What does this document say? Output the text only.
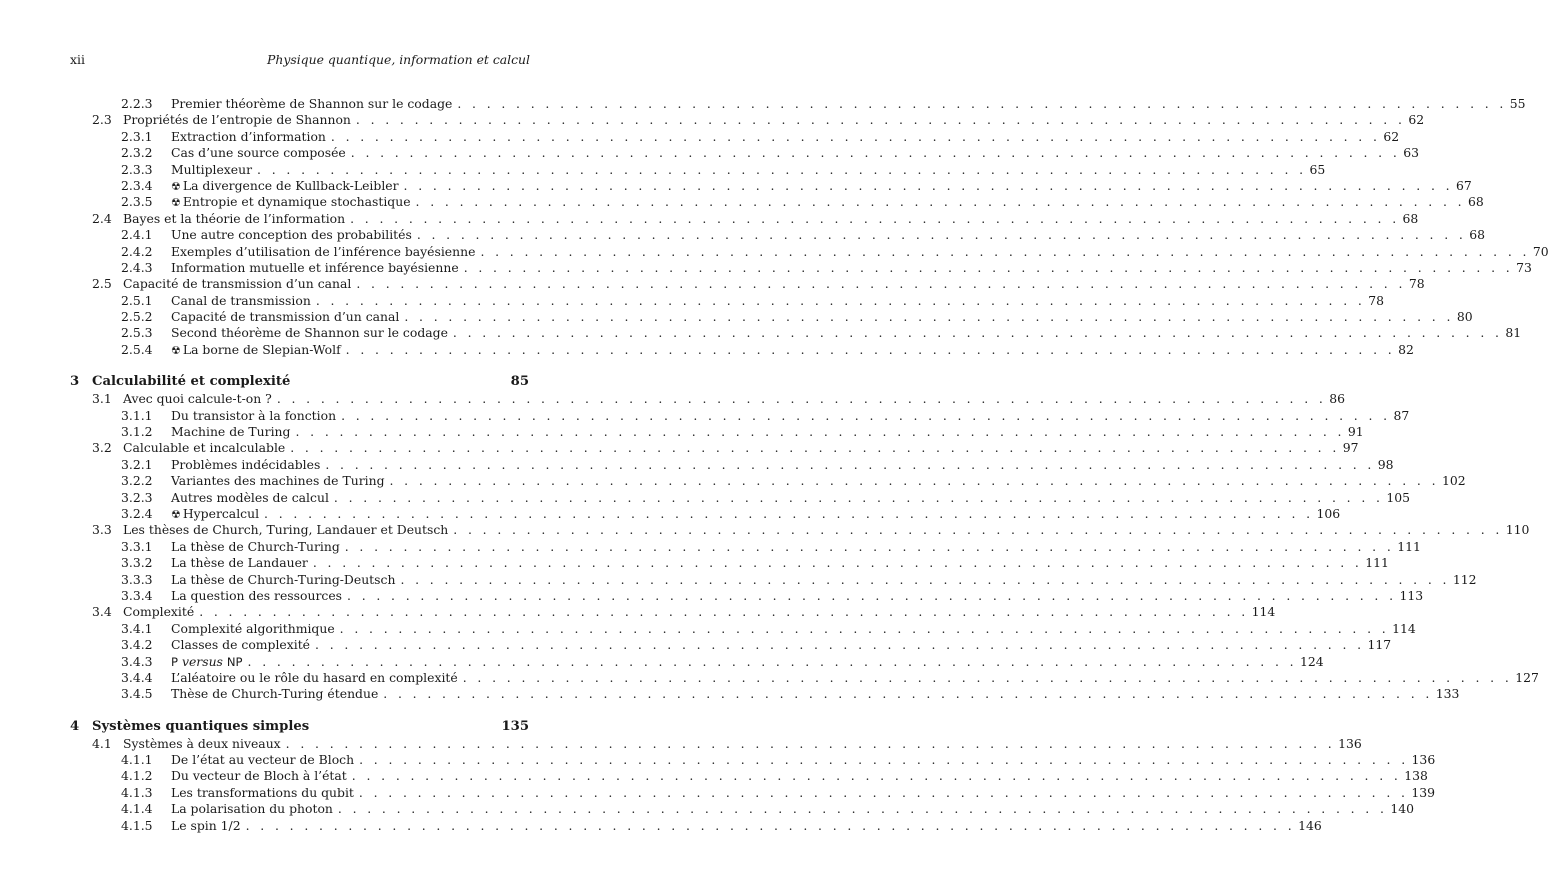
xii	Physique quantique, information et calcul
2.2.3 Premier théorème de Shannon sur le codage . . . . . . . . . . . . . . . . . . . . . . . . . . . . . . . . . . . . . . . . . . . . . . . . . . . . . . . . . . . . . . . . . . . . . . . . 55
2.3 Propriétés de l’entropie de Shannon . . . . . . . . . . . . . . . . . . . . . . . . . . . . . . . . . . . . . . . . . . . . . . . . . . . . . . . . . . . . . . . . . . . . . . . . 62
2.3.1 Extraction d’information . . . . . . . . . . . . . . . . . . . . . . . . . . . . . . . . . . . . . . . . . . . . . . . . . . . . . . . . . . . . . . . . . . . . . . . . 62
2.3.2 Cas d’une source composée . . . . . . . . . . . . . . . . . . . . . . . . . . . . . . . . . . . . . . . . . . . . . . . . . . . . . . . . . . . . . . . . . . . . . . . . 63
2.3.3 Multiplexeur . . . . . . . . . . . . . . . . . . . . . . . . . . . . . . . . . . . . . . . . . . . . . . . . . . . . . . . . . . . . . . . . . . . . . . . . 65
2.3.4 ☢ La divergence de Kullback-Leibler . . . . . . . . . . . . . . . . . . . . . . . . . . . . . . . . . . . . . . . . . . . . . . . . . . . . . . . . . . . . . . . . . . . . . . . . 67
2.3.5 ☢ Entropie et dynamique stochastique . . . . . . . . . . . . . . . . . . . . . . . . . . . . . . . . . . . . . . . . . . . . . . . . . . . . . . . . . . . . . . . . . . . . . . . . 68
2.4 Bayes et la théorie de l’information . . . . . . . . . . . . . . . . . . . . . . . . . . . . . . . . . . . . . . . . . . . . . . . . . . . . . . . . . . . . . . . . . . . . . . . . 68
2.4.1 Une autre conception des probabilités . . . . . . . . . . . . . . . . . . . . . . . . . . . . . . . . . . . . . . . . . . . . . . . . . . . . . . . . . . . . . . . . . . . . . . . . 68
2.4.2 Exemples d’utilisation de l’inférence bayésienne . . . . . . . . . . . . . . . . . . . . . . . . . . . . . . . . . . . . . . . . . . . . . . . . . . . . . . . . . . . . . . . . . . . . . . . . 70
2.4.3 Information mutuelle et inférence bayésienne . . . . . . . . . . . . . . . . . . . . . . . . . . . . . . . . . . . . . . . . . . . . . . . . . . . . . . . . . . . . . . . . . . . . . . . . 73
2.5 Capacité de transmission d’un canal . . . . . . . . . . . . . . . . . . . . . . . . . . . . . . . . . . . . . . . . . . . . . . . . . . . . . . . . . . . . . . . . . . . . . . . . 78
2.5.1 Canal de transmission . . . . . . . . . . . . . . . . . . . . . . . . . . . . . . . . . . . . . . . . . . . . . . . . . . . . . . . . . . . . . . . . . . . . . . . . 78
2.5.2 Capacité de transmission d’un canal . . . . . . . . . . . . . . . . . . . . . . . . . . . . . . . . . . . . . . . . . . . . . . . . . . . . . . . . . . . . . . . . . . . . . . . . 80
2.5.3 Second théorème de Shannon sur le codage . . . . . . . . . . . . . . . . . . . . . . . . . . . . . . . . . . . . . . . . . . . . . . . . . . . . . . . . . . . . . . . . . . . . . . . . 81
2.5.4 ☢ La borne de Slepian-Wolf . . . . . . . . . . . . . . . . . . . . . . . . . . . . . . . . . . . . . . . . . . . . . . . . . . . . . . . . . . . . . . . . . . . . . . . . 82
3 Calculabilité et complexité	85
3.1 Avec quoi calcule-t-on ? . . . . . . . . . . . . . . . . . . . . . . . . . . . . . . . . . . . . . . . . . . . . . . . . . . . . . . . . . . . . . . . . . . . . . . . . 86
3.1.1 Du transistor à la fonction . . . . . . . . . . . . . . . . . . . . . . . . . . . . . . . . . . . . . . . . . . . . . . . . . . . . . . . . . . . . . . . . . . . . . . . . 87
3.1.2 Machine de Turing . . . . . . . . . . . . . . . . . . . . . . . . . . . . . . . . . . . . . . . . . . . . . . . . . . . . . . . . . . . . . . . . . . . . . . . . 91
3.2 Calculable et incalculable . . . . . . . . . . . . . . . . . . . . . . . . . . . . . . . . . . . . . . . . . . . . . . . . . . . . . . . . . . . . . . . . . . . . . . . . 97
3.2.1 Problèmes indécidables . . . . . . . . . . . . . . . . . . . . . . . . . . . . . . . . . . . . . . . . . . . . . . . . . . . . . . . . . . . . . . . . . . . . . . . . 98
3.2.2 Variantes des machines de Turing . . . . . . . . . . . . . . . . . . . . . . . . . . . . . . . . . . . . . . . . . . . . . . . . . . . . . . . . . . . . . . . . . . . . . . . . 102
3.2.3 Autres modèles de calcul . . . . . . . . . . . . . . . . . . . . . . . . . . . . . . . . . . . . . . . . . . . . . . . . . . . . . . . . . . . . . . . . . . . . . . . . 105
3.2.4 ☢ Hypercalcul . . . . . . . . . . . . . . . . . . . . . . . . . . . . . . . . . . . . . . . . . . . . . . . . . . . . . . . . . . . . . . . . . . . . . . . . 106
3.3 Les thèses de Church, Turing, Landauer et Deutsch . . . . . . . . . . . . . . . . . . . . . . . . . . . . . . . . . . . . . . . . . . . . . . . . . . . . . . . . . . . . . . . . . . . . . . . . 110
3.3.1 La thèse de Church-Turing . . . . . . . . . . . . . . . . . . . . . . . . . . . . . . . . . . . . . . . . . . . . . . . . . . . . . . . . . . . . . . . . . . . . . . . . 111
3.3.2 La thèse de Landauer . . . . . . . . . . . . . . . . . . . . . . . . . . . . . . . . . . . . . . . . . . . . . . . . . . . . . . . . . . . . . . . . . . . . . . . . 111
3.3.3 La thèse de Church-Turing-Deutsch . . . . . . . . . . . . . . . . . . . . . . . . . . . . . . . . . . . . . . . . . . . . . . . . . . . . . . . . . . . . . . . . . . . . . . . . 112
3.3.4 La question des ressources . . . . . . . . . . . . . . . . . . . . . . . . . . . . . . . . . . . . . . . . . . . . . . . . . . . . . . . . . . . . . . . . . . . . . . . . 113
3.4 Complexité . . . . . . . . . . . . . . . . . . . . . . . . . . . . . . . . . . . . . . . . . . . . . . . . . . . . . . . . . . . . . . . . . . . . . . . . 114
3.4.1 Complexité algorithmique . . . . . . . . . . . . . . . . . . . . . . . . . . . . . . . . . . . . . . . . . . . . . . . . . . . . . . . . . . . . . . . . . . . . . . . . 114
3.4.2 Classes de complexité . . . . . . . . . . . . . . . . . . . . . . . . . . . . . . . . . . . . . . . . . . . . . . . . . . . . . . . . . . . . . . . . . . . . . . . . 117
3.4.3 P versus NP . . . . . . . . . . . . . . . . . . . . . . . . . . . . . . . . . . . . . . . . . . . . . . . . . . . . . . . . . . . . . . . . . . . . . . . . 124
3.4.4 L’aléatoire ou le rôle du hasard en complexité . . . . . . . . . . . . . . . . . . . . . . . . . . . . . . . . . . . . . . . . . . . . . . . . . . . . . . . . . . . . . . . . . . . . . . . . 127
3.4.5 Thèse de Church-Turing étendue . . . . . . . . . . . . . . . . . . . . . . . . . . . . . . . . . . . . . . . . . . . . . . . . . . . . . . . . . . . . . . . . . . . . . . . . 133
4 Systèmes quantiques simples	135
4.1 Systèmes à deux niveaux . . . . . . . . . . . . . . . . . . . . . . . . . . . . . . . . . . . . . . . . . . . . . . . . . . . . . . . . . . . . . . . . . . . . . . . . 136
4.1.1 De l’état au vecteur de Bloch . . . . . . . . . . . . . . . . . . . . . . . . . . . . . . . . . . . . . . . . . . . . . . . . . . . . . . . . . . . . . . . . . . . . . . . . 136
4.1.2 Du vecteur de Bloch à l’état . . . . . . . . . . . . . . . . . . . . . . . . . . . . . . . . . . . . . . . . . . . . . . . . . . . . . . . . . . . . . . . . . . . . . . . . 138
4.1.3 Les transformations du qubit . . . . . . . . . . . . . . . . . . . . . . . . . . . . . . . . . . . . . . . . . . . . . . . . . . . . . . . . . . . . . . . . . . . . . . . . 139
4.1.4 La polarisation du photon . . . . . . . . . . . . . . . . . . . . . . . . . . . . . . . . . . . . . . . . . . . . . . . . . . . . . . . . . . . . . . . . . . . . . . . . 140
4.1.5 Le spin 1/2 . . . . . . . . . . . . . . . . . . . . . . . . . . . . . . . . . . . . . . . . . . . . . . . . . . . . . . . . . . . . . . . . . . . . . . . . 146
